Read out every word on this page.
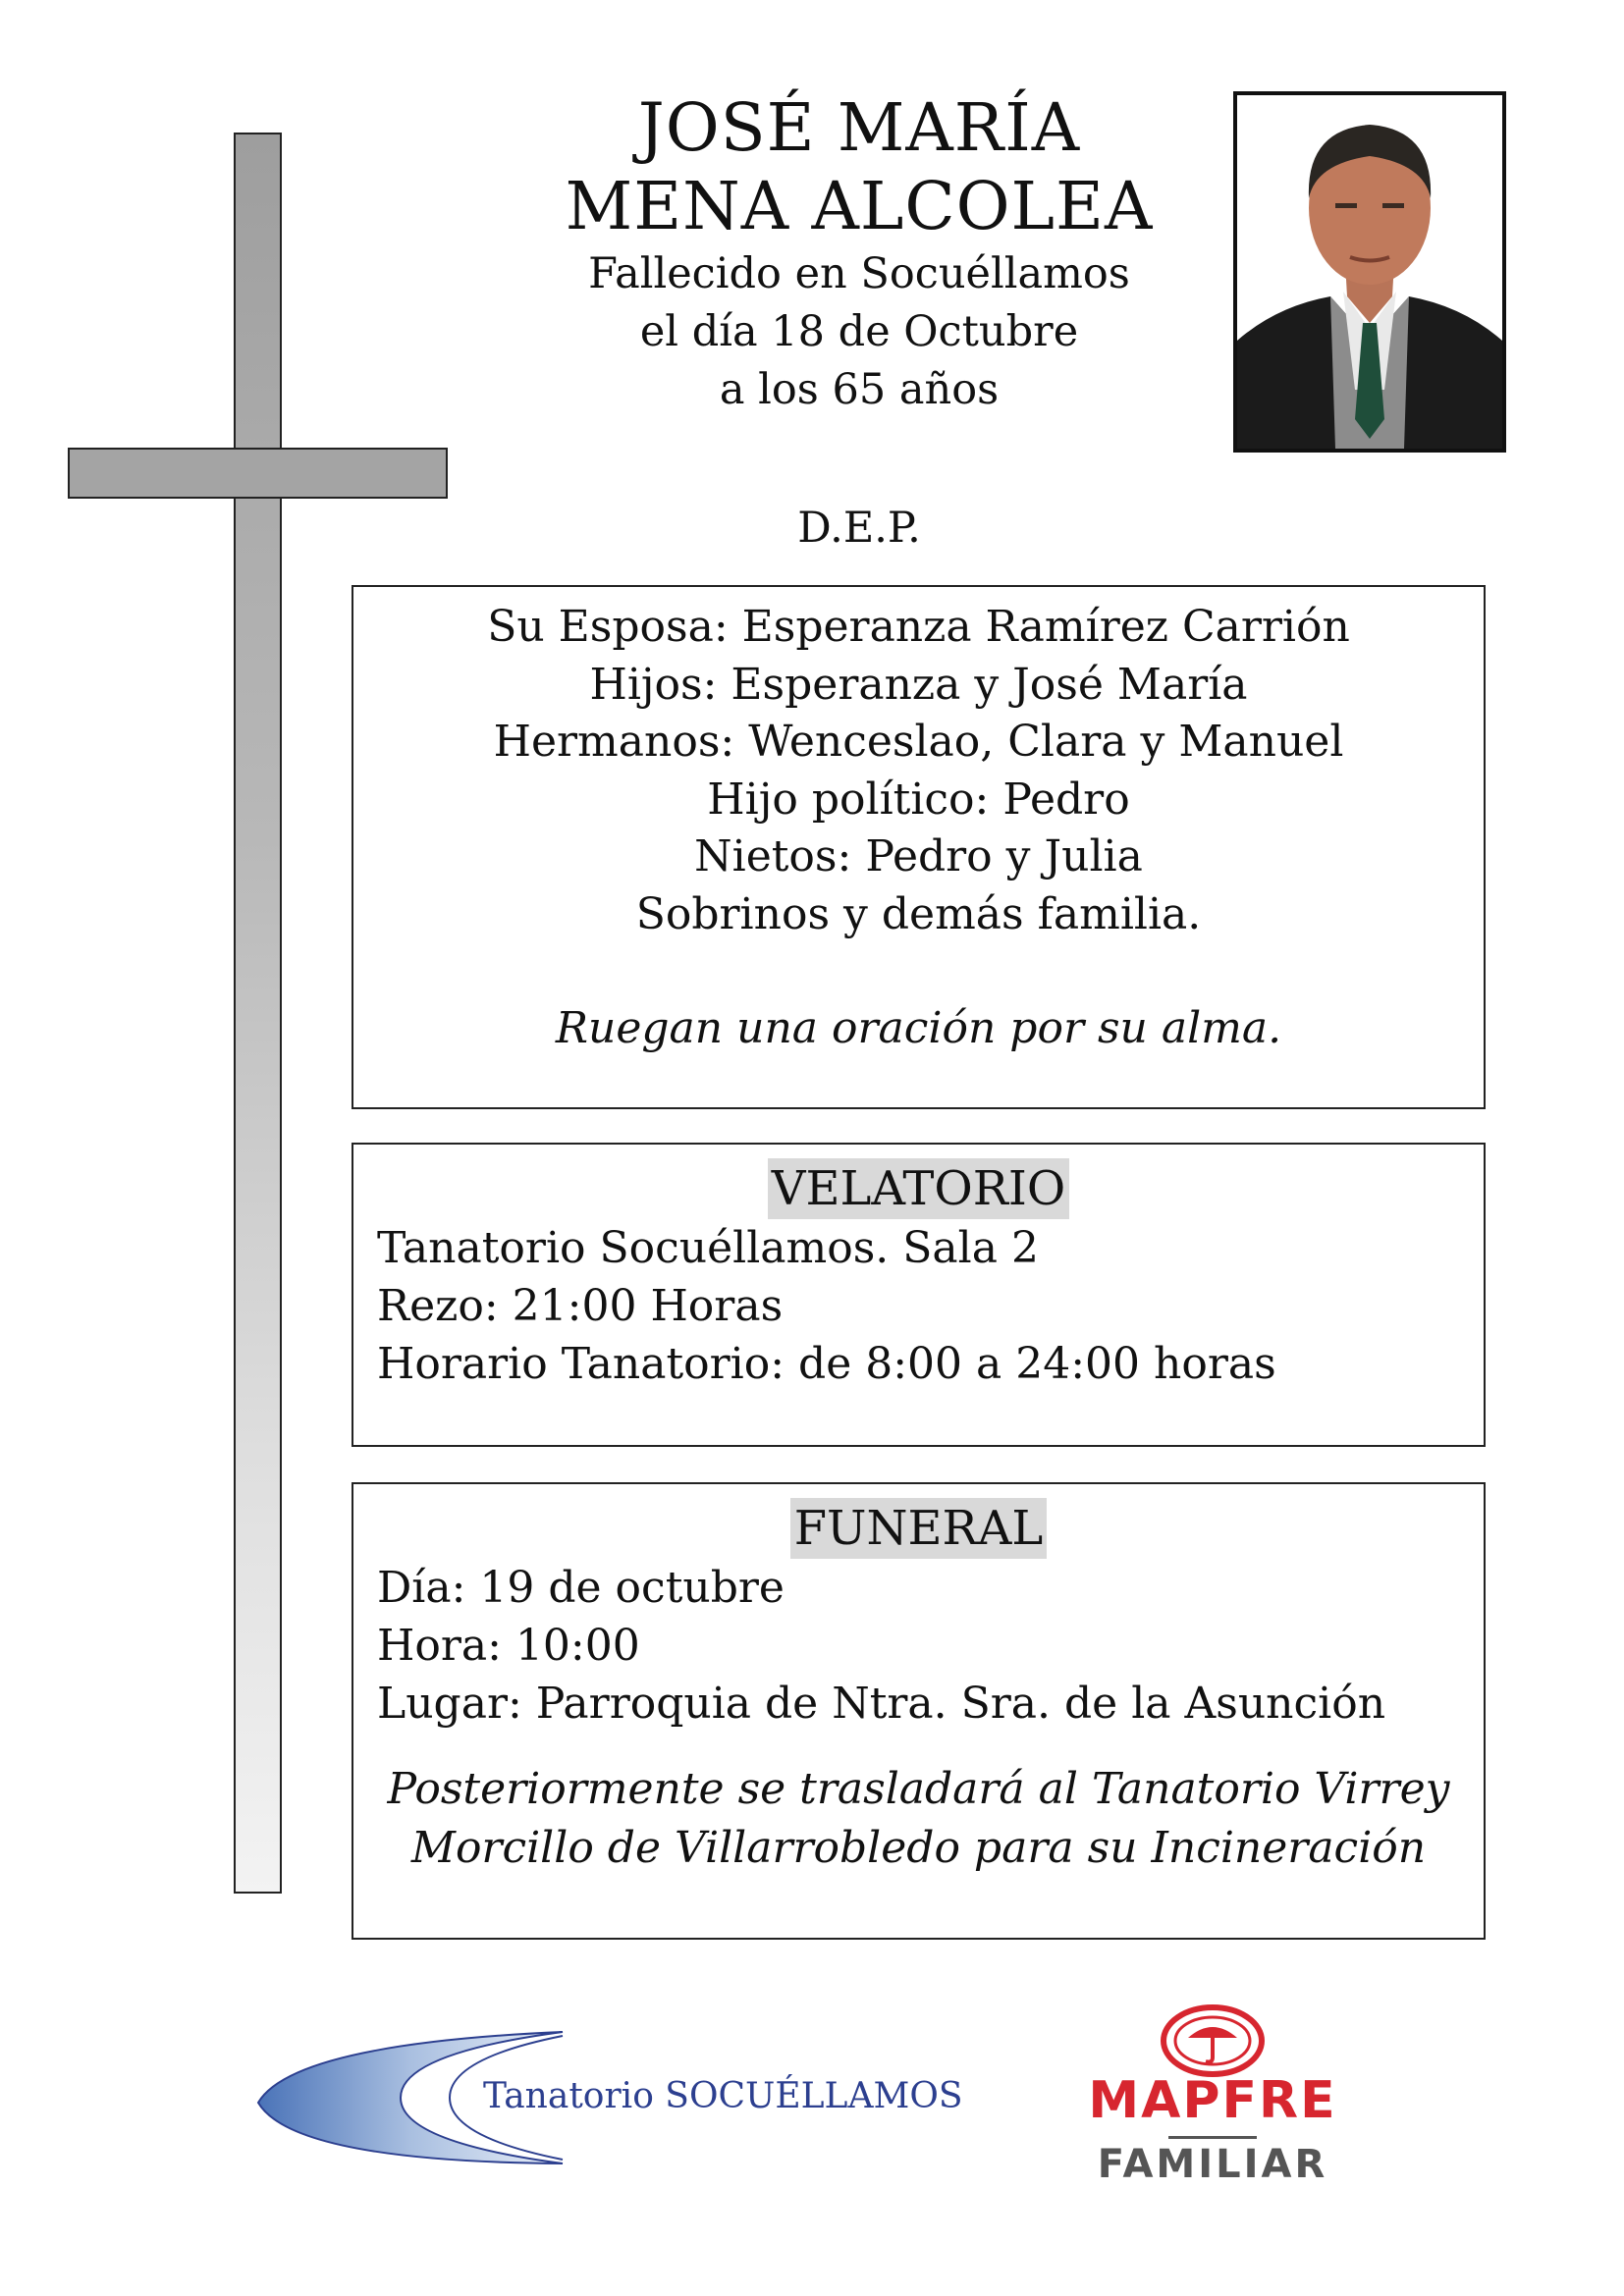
JOSÉ MARÍA
MENA ALCOLEA
Fallecido en Socuéllamos
el día 18 de Octubre
a los 65 años
D.E.P.
Su Esposa: Esperanza Ramírez Carrión
Hijos: Esperanza y José María
Hermanos: Wenceslao, Clara y Manuel
Hijo político: Pedro
Nietos: Pedro y Julia
Sobrinos y demás familia.
Ruegan una oración por su alma.
VELATORIO
Tanatorio Socuéllamos. Sala 2
Rezo: 21:00 Horas
Horario Tanatorio: de 8:00 a 24:00 horas
FUNERAL
Día: 19 de octubre
Hora: 10:00
Lugar: Parroquia de Ntra. Sra. de la Asunción
Posteriormente se trasladará al Tanatorio Virrey
Morcillo de Villarrobledo para su Incineración
Tanatorio SOCUÉLLAMOS	MAPFRE
FAMILIAR
